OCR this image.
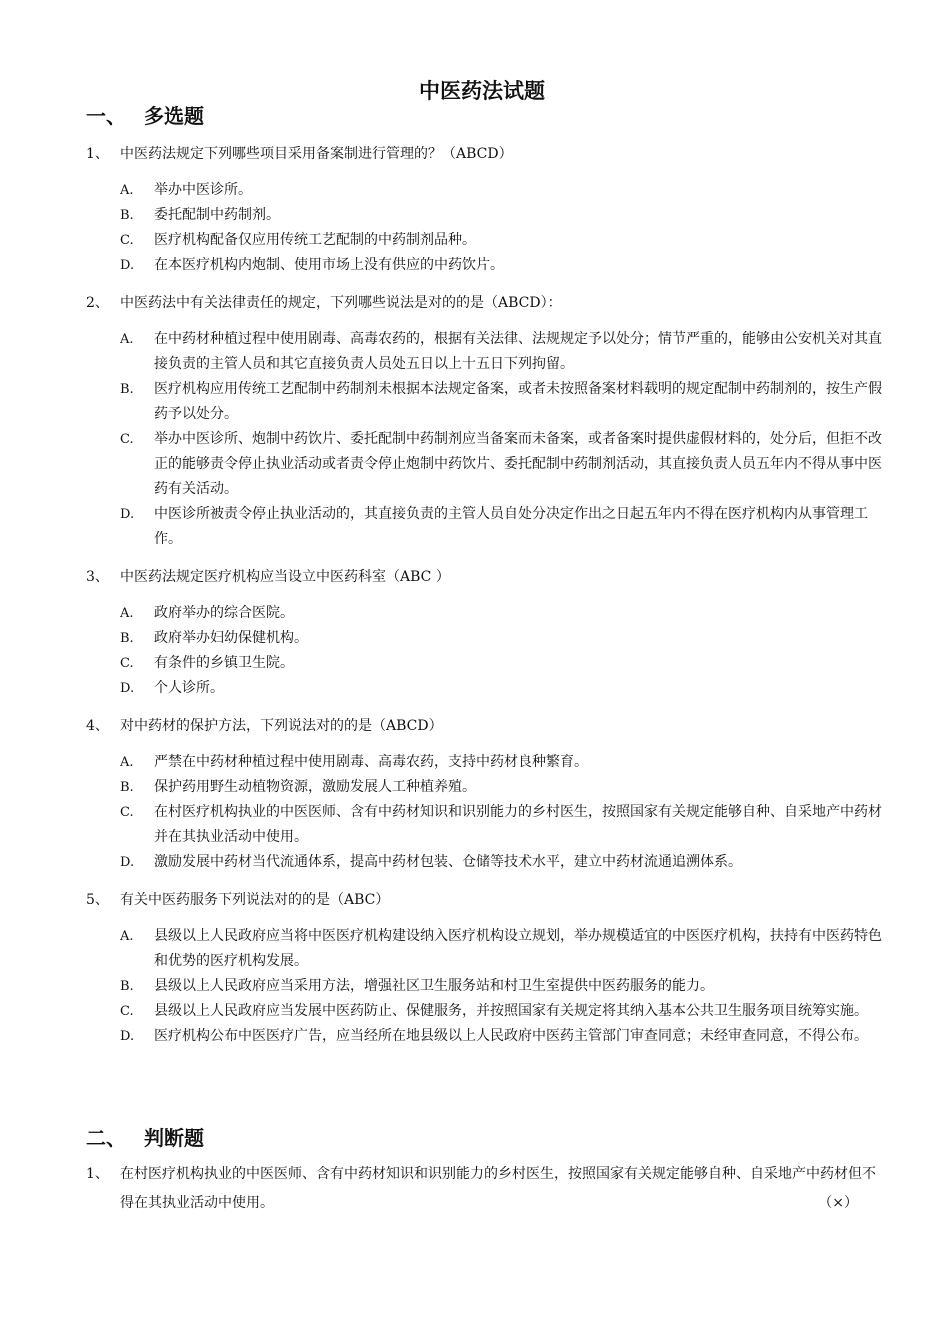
中医药法试题
一、 多选题
1、 中医药法规定下列哪些项目采用备案制进行管理的？（ABCD）
A. 举办中医诊所。
B. 委托配制中药制剂。
C. 医疗机构配备仅应用传统工艺配制的中药制剂品种。
D. 在本医疗机构内炮制、使用市场上没有供应的中药饮片。
2、 中医药法中有关法律责任的规定，下列哪些说法是对的的是（ABCD）：
A. 在中药材种植过程中使用剧毒、高毒农药的，根据有关法律、法规规定予以处分；情节严重的，能够由公安机关对其直接负责的主管人员和其它直接负责人员处五日以上十五日下列拘留。
B. 医疗机构应用传统工艺配制中药制剂未根据本法规定备案，或者未按照备案材料载明的规定配制中药制剂的，按生产假药予以处分。
C. 举办中医诊所、炮制中药饮片、委托配制中药制剂应当备案而未备案，或者备案时提供虚假材料的，处分后，但拒不改正的能够责令停止执业活动或者责令停止炮制中药饮片、委托配制中药制剂活动，其直接负责人员五年内不得从事中医药有关活动。
D. 中医诊所被责令停止执业活动的，其直接负责的主管人员自处分决定作出之日起五年内不得在医疗机构内从事管理工作。
3、 中医药法规定医疗机构应当设立中医药科室（ABC ）
A. 政府举办的综合医院。
B. 政府举办妇幼保健机构。
C. 有条件的乡镇卫生院。
D. 个人诊所。
4、 对中药材的保护方法，下列说法对的的是（ABCD）
A. 严禁在中药材种植过程中使用剧毒、高毒农药，支持中药材良种繁育。
B. 保护药用野生动植物资源，激励发展人工种植养殖。
C. 在村医疗机构执业的中医医师、含有中药材知识和识别能力的乡村医生，按照国家有关规定能够自种、自采地产中药材并在其执业活动中使用。
D. 激励发展中药材当代流通体系，提高中药材包装、仓储等技术水平，建立中药材流通追溯体系。
5、 有关中医药服务下列说法对的的是（ABC）
A. 县级以上人民政府应当将中医医疗机构建设纳入医疗机构设立规划，举办规模适宜的中医医疗机构，扶持有中医药特色和优势的医疗机构发展。
B. 县级以上人民政府应当采用方法，增强社区卫生服务站和村卫生室提供中医药服务的能力。
C. 县级以上人民政府应当发展中医药防止、保健服务，并按照国家有关规定将其纳入基本公共卫生服务项目统筹实施。
D. 医疗机构公布中医医疗广告，应当经所在地县级以上人民政府中医药主管部门审查同意；未经审查同意，不得公布。
二、 判断题
1、 在村医疗机构执业的中医医师、含有中药材知识和识别能力的乡村医生，按照国家有关规定能够自种、自采地产中药材但不得在其执业活动中使用。	（×）
